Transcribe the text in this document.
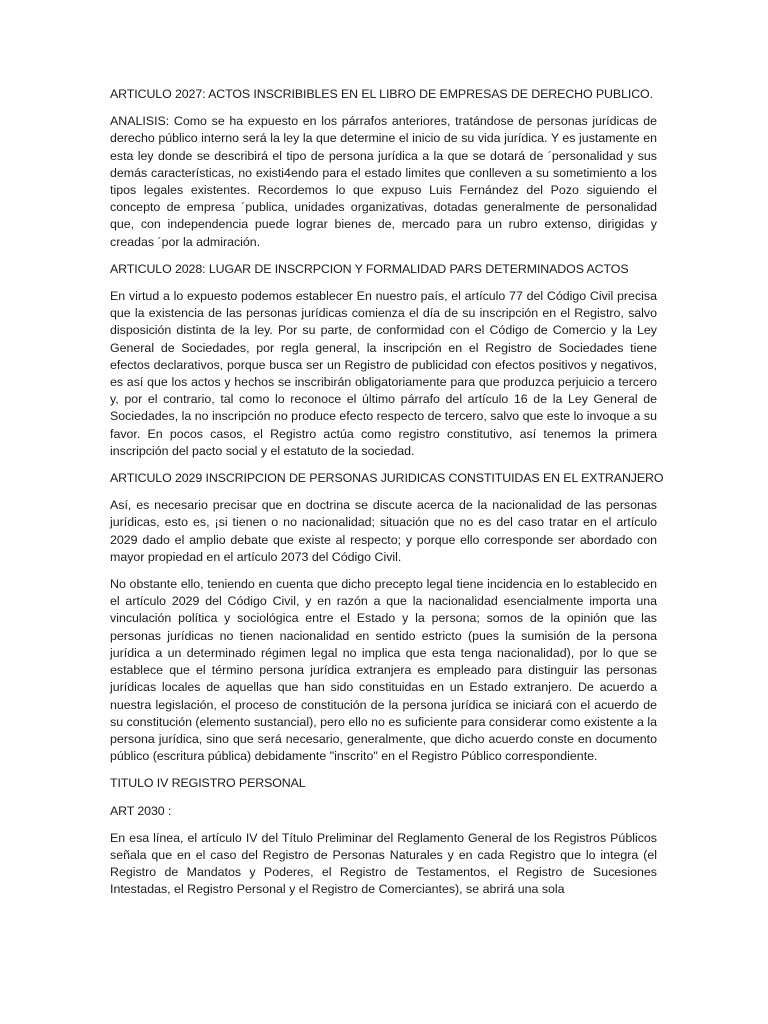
ARTICULO 2027: ACTOS INSCRIBIBLES EN EL LIBRO DE EMPRESAS DE DERECHO PUBLICO.

ANALISIS: Como se ha expuesto en los párrafos anteriores, tratándose de personas jurídicas de derecho público interno será la ley la que determine el inicio de su vida jurídica. Y es justamente en esta ley donde se describirá el tipo de persona jurídica a la que se dotará de ´personalidad y sus demás características, no existi4endo para el estado limites que conlleven a su sometimiento a los tipos legales existentes. Recordemos lo que expuso Luis Fernández del Pozo siguiendo el concepto de empresa ´publica, unidades organizativas, dotadas generalmente de personalidad que, con independencia puede lograr bienes de, mercado para un rubro extenso, dirigidas y creadas ´por la admiración.

ARTICULO 2028: LUGAR DE INSCRPCION Y FORMALIDAD PARS DETERMINADOS ACTOS

En virtud a lo expuesto podemos establecer En nuestro país, el artículo 77 del Código Civil precisa que la existencia de las personas jurídicas comienza el día de su inscripción en el Registro, salvo disposición distinta de la ley. Por su parte, de conformidad con el Código de Comercio y la Ley General de Sociedades, por regla general, la inscripción en el Registro de Sociedades tiene efectos declarativos, porque busca ser un Registro de publicidad con efectos positivos y negativos, es así que los actos y hechos se inscribirán obligatoriamente para que produzca perjuicio a tercero y, por el contrario, tal como lo reconoce el último párrafo del artículo 16 de la Ley General de Sociedades, la no inscripción no produce efecto respecto de tercero, salvo que este lo invoque a su favor. En pocos casos, el Registro actúa como registro constitutivo, así tenemos la primera inscripción del pacto social y el estatuto de la sociedad.

ARTICULO 2029 INSCRIPCION DE PERSONAS JURIDICAS CONSTITUIDAS EN EL EXTRANJERO

Así, es necesario precisar que en doctrina se discute acerca de la nacionalidad de las personas jurídicas, esto es, ¡si tienen o no nacionalidad; situación que no es del caso tratar en el artículo 2029 dado el amplio debate que existe al respecto; y porque ello corresponde ser abordado con mayor propiedad en el artículo 2073 del Código Civil.

No obstante ello, teniendo en cuenta que dicho precepto legal tiene incidencia en lo establecido en el artículo 2029 del Código Civil, y en razón a que la nacionalidad esencialmente importa una vinculación política y sociológica entre el Estado y la persona; somos de la opinión que las personas jurídicas no tienen nacionalidad en sentido estricto (pues la sumisión de la persona jurídica a un determinado régimen legal no implica que esta tenga nacionalidad), por lo que se establece que el término persona jurídica extranjera es empleado para distinguir las personas jurídicas locales de aquellas que han sido constituidas en un Estado extranjero. De acuerdo a nuestra legislación, el proceso de constitución de la persona jurídica se iniciará con el acuerdo de su constitución (elemento sustancial), pero ello no es suficiente para considerar como existente a la persona jurídica, sino que será necesario, generalmente, que dicho acuerdo conste en documento público (escritura pública) debidamente "inscrito" en el Registro Público correspondiente.

TITULO IV REGISTRO PERSONAL

ART 2030 :

En esa línea, el artículo IV del Título Preliminar del Reglamento General de los Registros Públicos señala que en el caso del Registro de Personas Naturales y en cada Registro que lo integra (el Registro de Mandatos y Poderes, el Registro de Testamentos, el Registro de Sucesiones Intestadas, el Registro Personal y el Registro de Comerciantes), se abrirá una sola
